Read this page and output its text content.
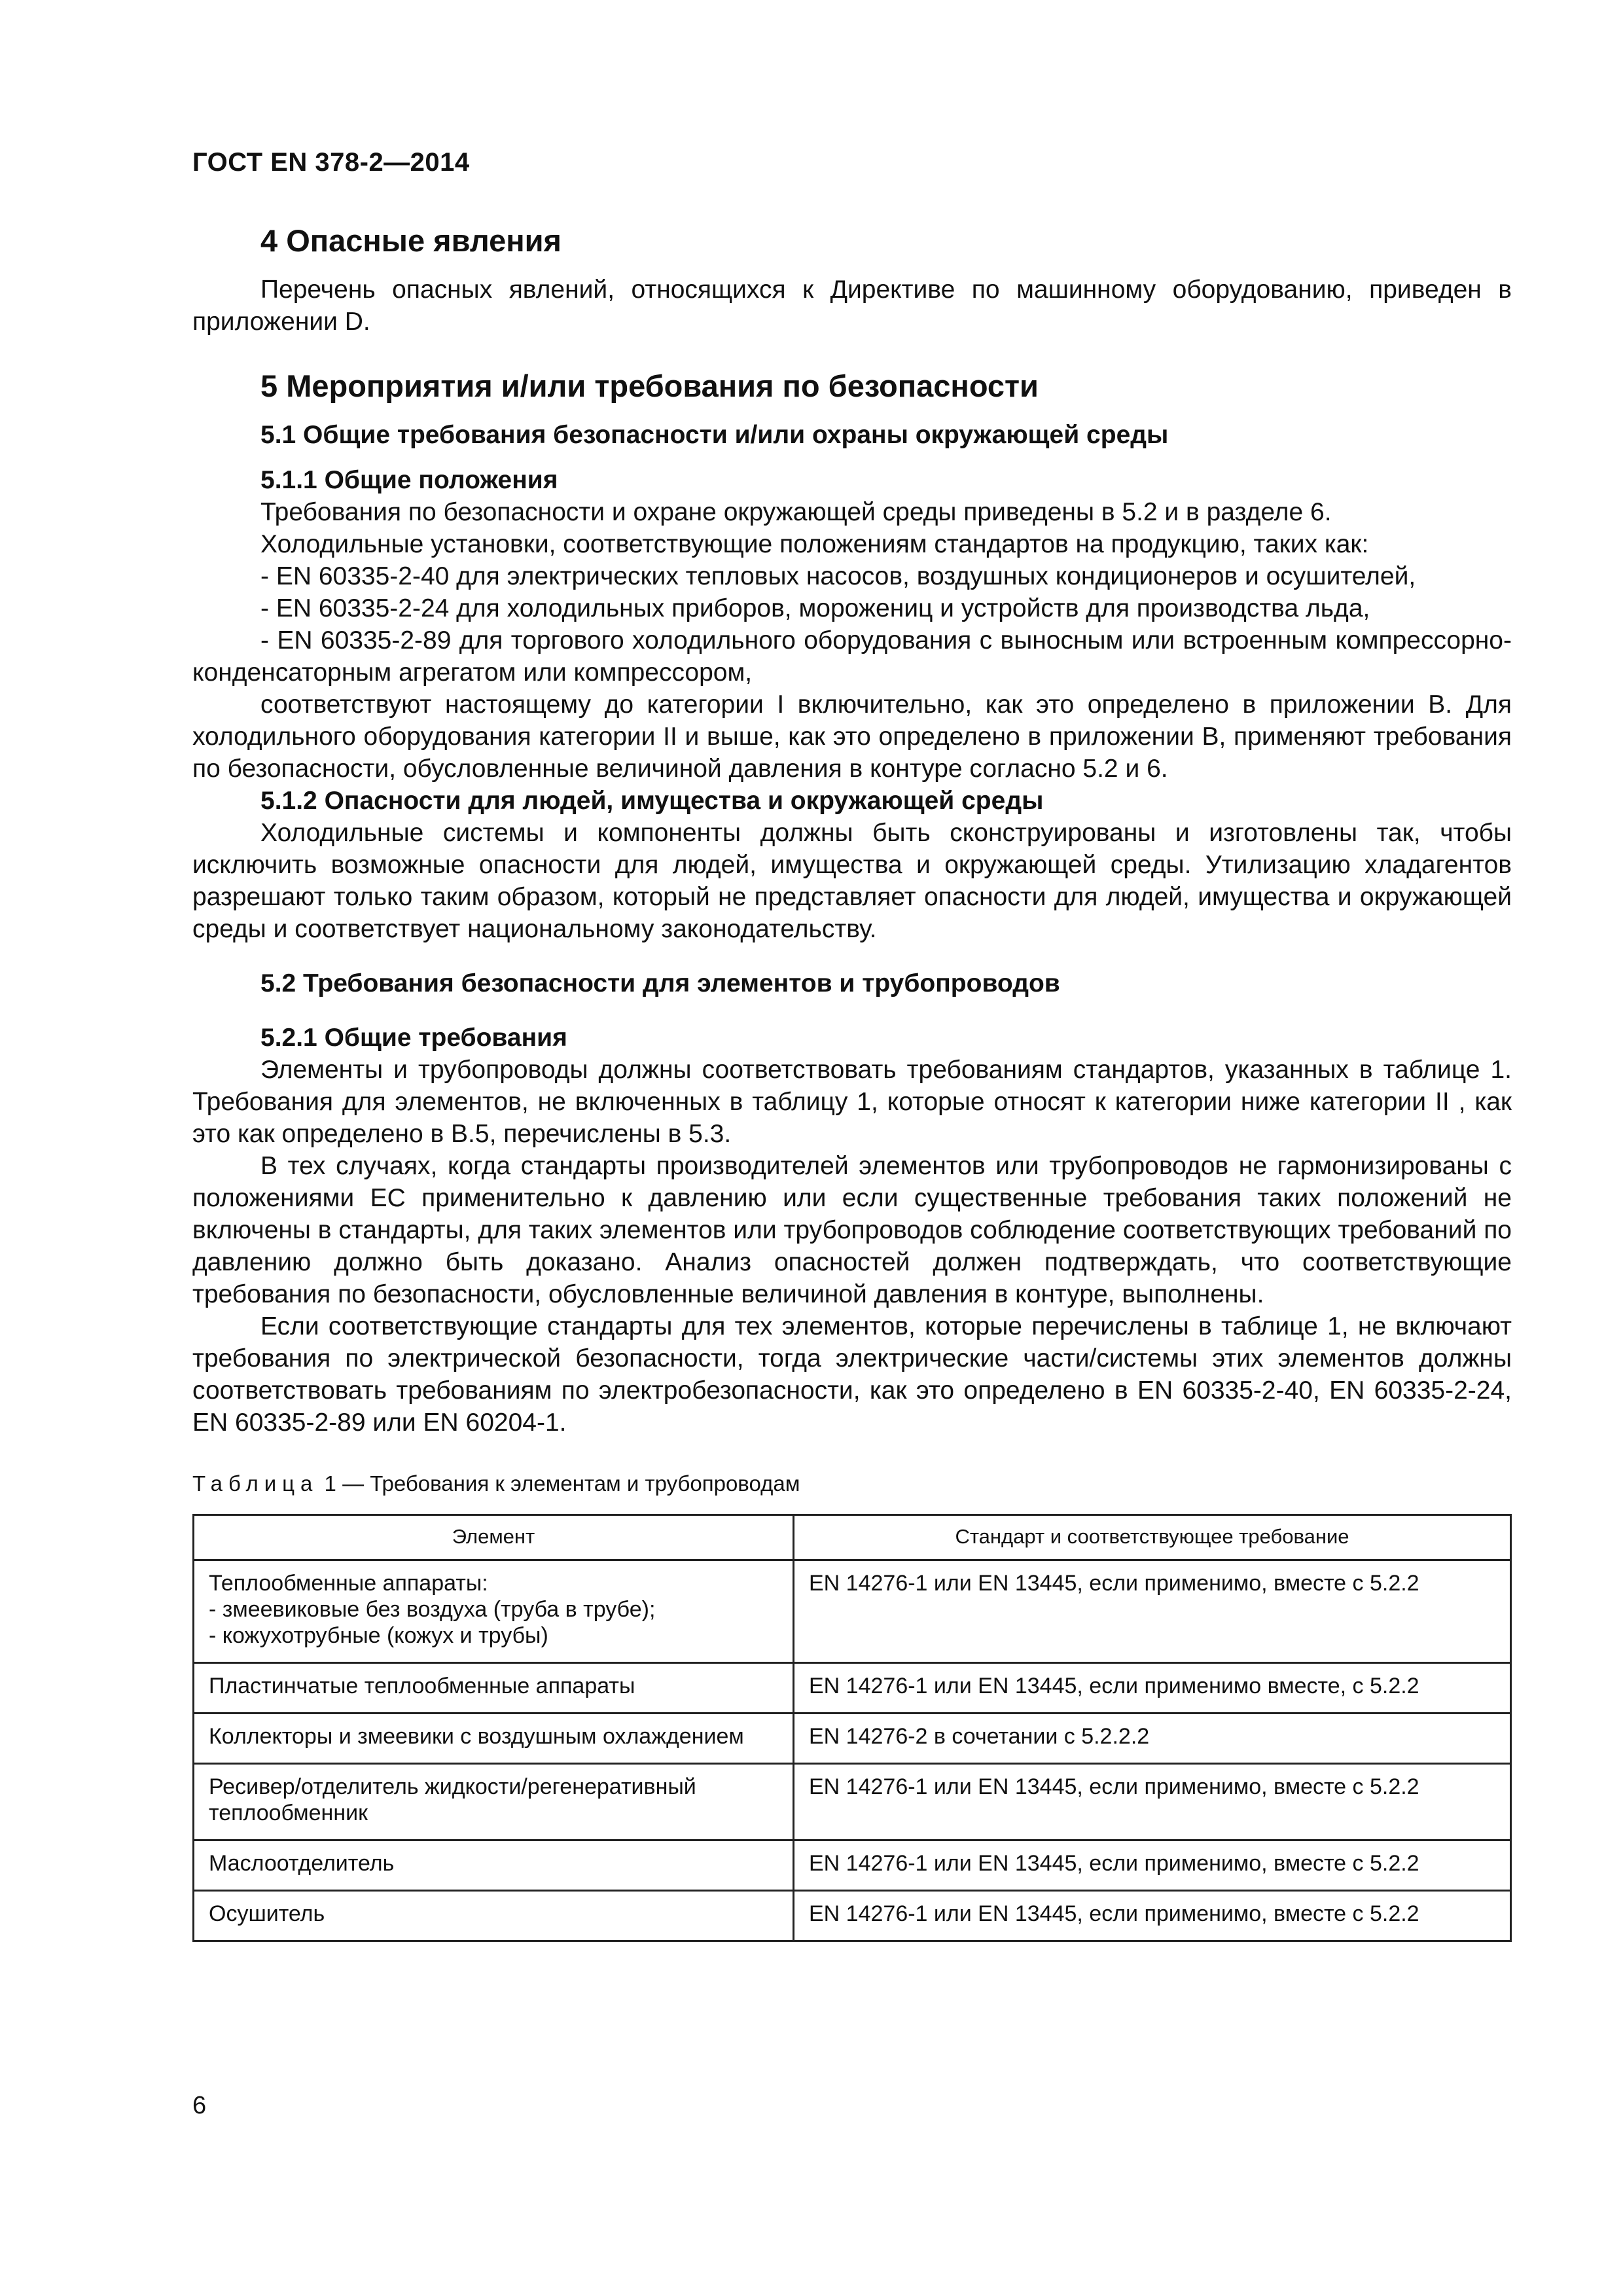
ГОСТ EN 378-2—2014
4 Опасные явления

Перечень опасных явлений, относящихся к Директиве по машинному оборудованию, приведен в приложении D.

5 Мероприятия и/или требования по безопасности
5.1 Общие требования безопасности и/или охраны окружающей среды
5.1.1 Общие положения

Требования по безопасности и охране окружающей среды приведены в 5.2 и в разделе 6.

Холодильные установки, соответствующие положениям стандартов на продукцию, таких как:

- EN 60335-2-40 для электрических тепловых насосов, воздушных кондиционеров и осушителей,

- EN 60335-2-24 для холодильных приборов, морожениц и устройств для производства льда,

- EN 60335-2-89 для торгового холодильного оборудования с выносным или встроенным компрессорно-конденсаторным агрегатом или компрессором,

соответствуют настоящему до категории I включительно, как это определено в приложении В. Для холодильного оборудования категории II и выше, как это определено в приложении В, применяют требования по безопасности, обусловленные величиной давления в контуре согласно 5.2 и 6.

5.1.2 Опасности для людей, имущества и окружающей среды

Холодильные системы и компоненты должны быть сконструированы и изготовлены так, чтобы исключить возможные опасности для людей, имущества и окружающей среды. Утилизацию хладагентов разрешают только таким образом, который не представляет опасности для людей, имущества и окружающей среды и соответствует национальному законодательству.

5.2 Требования безопасности для элементов и трубопроводов
5.2.1 Общие требования

Элементы и трубопроводы должны соответствовать требованиям стандартов, указанных в таблице 1. Требования для элементов, не включенных в таблицу 1, которые относят к категории ниже категории II , как это как определено в В.5, перечислены в 5.3.

В тех случаях, когда стандарты производителей элементов или трубопроводов не гармонизированы с положениями ЕС применительно к давлению или если существенные требования таких положений не включены в стандарты, для таких элементов или трубопроводов соблюдение соответствующих требований по давлению должно быть доказано. Анализ опасностей должен подтверждать, что соответствующие требования по безопасности, обусловленные величиной давления в контуре, выполнены.

Если соответствующие стандарты для тех элементов, которые перечислены в таблице 1, не включают требования по электрической безопасности, тогда электрические части/системы этих элементов должны соответствовать требованиям по электробезопасности, как это определено в EN 60335-2-40, EN 60335-2-24, EN 60335-2-89 или EN 60204-1.

Таблица 1 — Требования к элементам и трубопроводам
Элемент	Стандарт и соответствующее требование

Теплообменные аппараты:
- змеевиковые без воздуха (труба в трубе);
- кожухотрубные (кожух и трубы)	EN 14276-1 или EN 13445, если применимо, вместе с 5.2.2

Пластинчатые теплообменные аппараты	EN 14276-1 или EN 13445, если применимо вместе, с 5.2.2

Коллекторы и змеевики с воздушным охлаждением	EN 14276-2 в сочетании с 5.2.2.2

Ресивер/отделитель жидкости/регенеративный теплообменник	EN 14276-1 или EN 13445, если применимо, вместе с 5.2.2

Маслоотделитель	EN 14276-1 или EN 13445, если применимо, вместе с 5.2.2

Осушитель	EN 14276-1 или EN 13445, если применимо, вместе с 5.2.2
6
